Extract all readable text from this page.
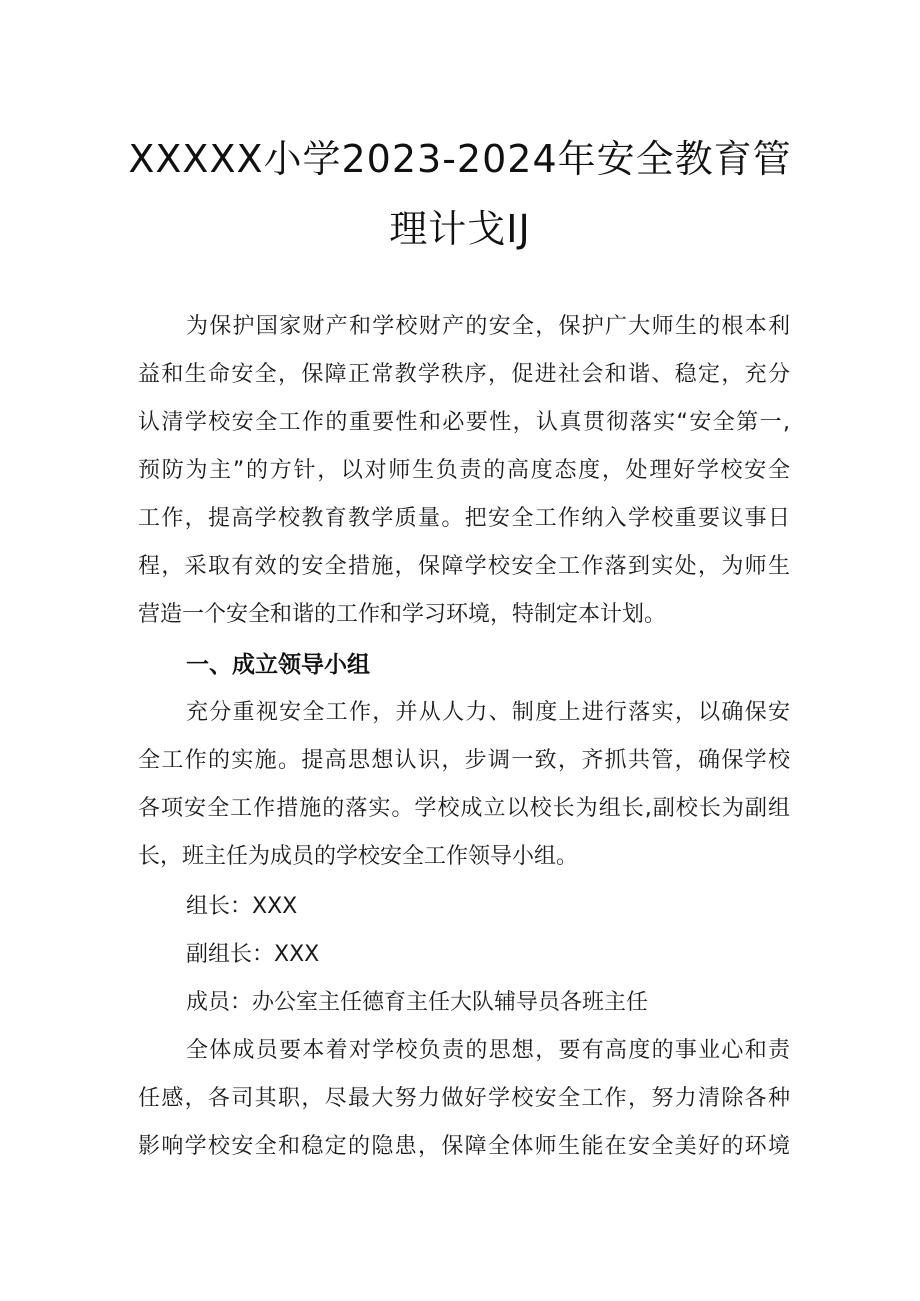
XXXXX小学2023-2024年安全教育管
理计戈IJ
为保护国家财产和学校财产的安全，保护广大师生的根本利
益和生命安全，保障正常教学秩序，促进社会和谐、稳定，充分
认清学校安全工作的重要性和必要性，认真贯彻落实“安全第一,
预防为主”的方针，以对师生负责的高度态度，处理好学校安全
工作，提高学校教育教学质量。把安全工作纳入学校重要议事日
程，采取有效的安全措施，保障学校安全工作落到实处，为师生
营造一个安全和谐的工作和学习环境，特制定本计划。
一、成立领导小组
充分重视安全工作，并从人力、制度上进行落实，以确保安
全工作的实施。提高思想认识，步调一致，齐抓共管，确保学校
各项安全工作措施的落实。学校成立以校长为组长,副校长为副组
长，班主任为成员的学校安全工作领导小组。
组长：XXX
副组长：XXX
成员：办公室主任德育主任大队辅导员各班主任
全体成员要本着对学校负责的思想，要有高度的事业心和责
任感，各司其职，尽最大努力做好学校安全工作，努力清除各种
影响学校安全和稳定的隐患，保障全体师生能在安全美好的环境
